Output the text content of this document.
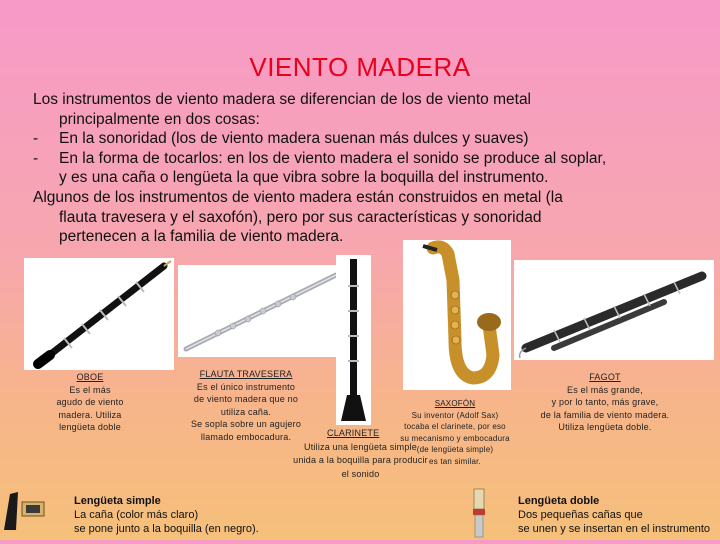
VIENTO MADERA

Los instrumentos de viento madera se diferencian de los de viento metal

principalmente en dos cosas:

-	En la sonoridad (los de viento madera suenan más dulces y suaves)
-	En la forma de tocarlos: en los de viento madera el sonido se produce al soplar,

y es una caña o lengüeta la que vibra sobre la boquilla del instrumento.

Algunos de los instrumentos de viento madera están construidos en metal (la

flauta travesera y el saxofón), pero por sus características y sonoridad

pertenecen a la familia de viento madera.

OBOE
Es el más
agudo de viento
madera. Utiliza
lengüeta doble
FLAUTA TRAVESERA
Es el único instrumento
de viento madera que no
utiliza caña.
Se sopla sobre un agujero
llamado embocadura.	CLARINETE
Utiliza una lengüeta simple
unida a la boquilla para producir
el sonido
SAXOFÓN
Su inventor (Adolf Sax)
tocaba el clarinete, por eso
su mecanismo y embocadura
(de lengüeta simple)
es tan similar.
FAGOT
Es el más grande,
y por lo tanto, más grave,
de la familia de viento madera.
Utiliza lengüeta doble.
Lengüeta simple
La caña (color más claro)
se pone junto a la boquilla (en negro).
Lengüeta doble
Dos pequeñas cañas que
se unen y se insertan en el instrumento
